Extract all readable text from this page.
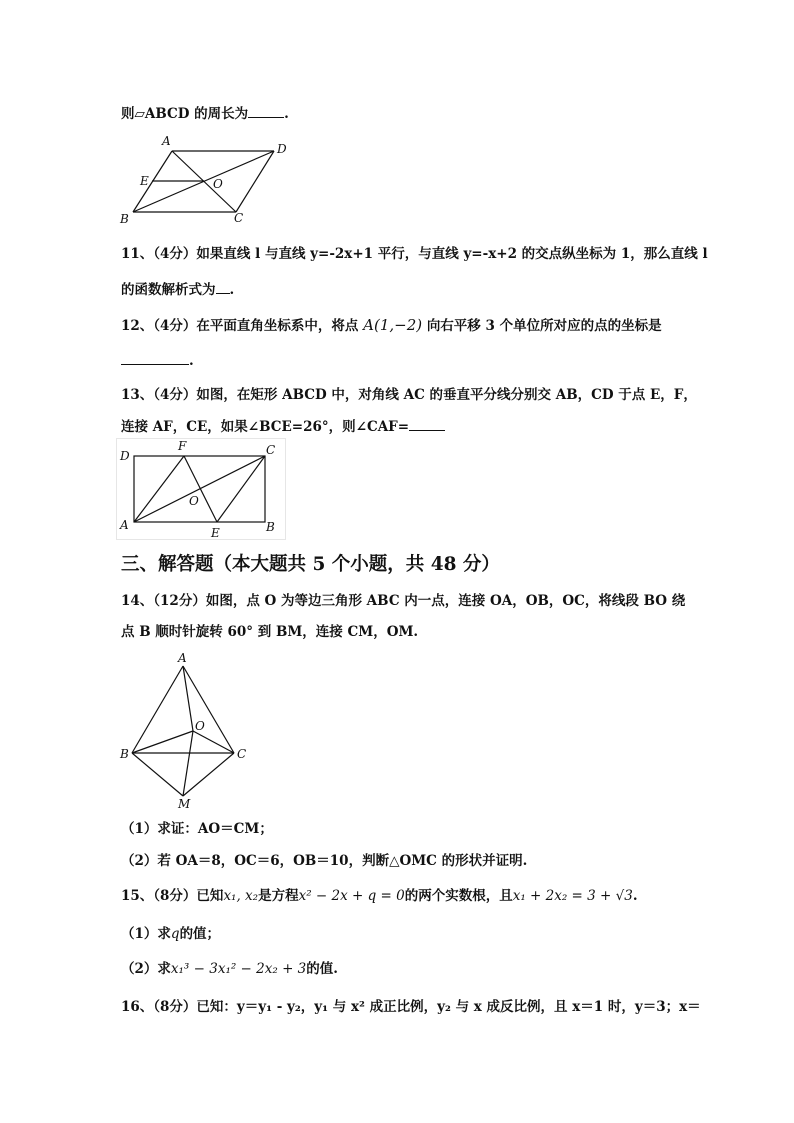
则▱ABCD 的周长为	.
A
D
E	O
B	C
11、（4分）如果直线 l 与直线 y=-2x+1 平行，与直线 y=-x+2 的交点纵坐标为 1，那么直线 l
的函数解析式为 .
12、（4分）在平面直角坐标系中，将点 A(1,−2) 向右平移 3 个单位所对应的点的坐标是
.
13、（4分）如图，在矩形 ABCD 中，对角线 AC 的垂直平分线分别交 AB，CD 于点 E，F，
连接 AF，CE，如果∠BCE=26°，则∠CAF=
D
F	C
O
A
E	B
三、解答题（本大题共 5 个小题，共 48 分）
14、（12分）如图，点 O 为等边三角形 ABC 内一点，连接 OA，OB，OC，将线段 BO 绕
点 B 顺时针旋转 60° 到 BM，连接 CM，OM.
A
O
B	C
M
（1）求证：AO＝CM；
（2）若 OA＝8，OC＝6，OB＝10，判断△OMC 的形状并证明.
15、（8分）已知x₁, x₂是方程x² − 2x + q = 0的两个实数根，且x₁ + 2x₂ = 3 + √3.
（1）求q的值；
（2）求x₁³ − 3x₁² − 2x₂ + 3的值.
16、（8分）已知：y＝y₁ - y₂，y₁ 与 x² 成正比例，y₂ 与 x 成反比例，且 x＝1 时，y＝3；x＝
